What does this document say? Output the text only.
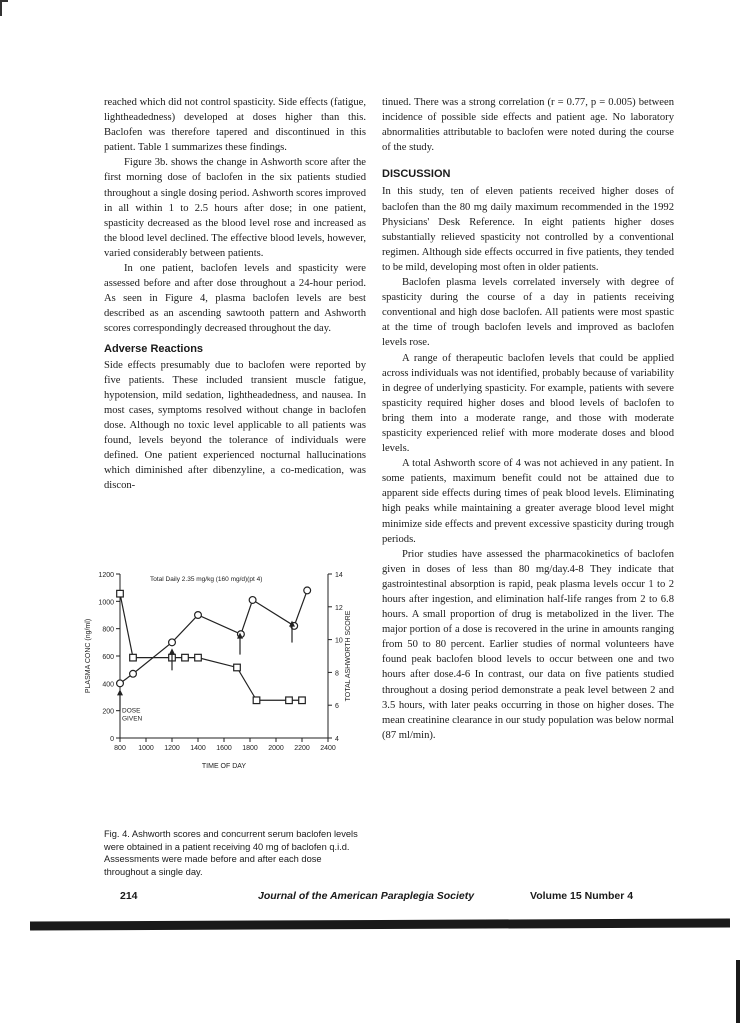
reached which did not control spasticity. Side effects (fatigue, lightheadedness) developed at doses higher than this. Baclofen was therefore tapered and discontinued in this patient. Table 1 summarizes these findings.

Figure 3b. shows the change in Ashworth score after the first morning dose of baclofen in the six patients studied throughout a single dosing period. Ashworth scores improved in all within 1 to 2.5 hours after dose; in one patient, spasticity decreased as the blood level rose and increased as the blood level declined. The effective blood levels, however, varied considerably between patients.

In one patient, baclofen levels and spasticity were assessed before and after dose throughout a 24-hour period. As seen in Figure 4, plasma baclofen levels are best described as an ascending sawtooth pattern and Ashworth scores correspondingly decreased throughout the day.

Adverse Reactions

Side effects presumably due to baclofen were reported by five patients. These included transient muscle fatigue, hypotension, mild sedation, lightheadedness, and nausea. In most cases, symptoms resolved without change in baclofen dose. Although no toxic level applicable to all patients was found, levels beyond the tolerance of individuals were defined. One patient experienced nocturnal hallucinations which diminished after dibenzyline, a co-medication, was discon-

0
200
400
600
800
1000
1200
4
6
8
10
12
14
800 1000 1200 1400 1600 1800 2000 2200 2400
TIME OF DAY
PLASMA CONC (ng/ml)	TOTAL ASHWORTH SCORE
Total Daily 2.35 mg/kg (160 mg/d)(pt 4)
DOSE
GIVEN
Fig. 4. Ashworth scores and concurrent serum baclofen levels were obtained in a patient receiving 40 mg of baclofen q.i.d. Assessments were made before and after each dose throughout a single day.

tinued. There was a strong correlation (r = 0.77, p = 0.005) between incidence of possible side effects and patient age. No laboratory abnormalities attributable to baclofen were noted during the course of the study.

DISCUSSION

In this study, ten of eleven patients received higher doses of baclofen than the 80 mg daily maximum recommended in the 1992 Physicians' Desk Reference. In eight patients higher doses substantially relieved spasticity not controlled by a conventional regimen. Although side effects occurred in five patients, they tended to be mild, developing most often in older patients.

Baclofen plasma levels correlated inversely with degree of spasticity during the course of a day in patients receiving conventional and high dose baclofen. All patients were most spastic at the time of trough baclofen levels and improved as baclofen levels rose.

A range of therapeutic baclofen levels that could be applied across individuals was not identified, probably because of variability in degree of underlying spasticity. For example, patients with severe spasticity required higher doses and blood levels of baclofen to bring them into a moderate range, and those with moderate spasticity experienced relief with more moderate doses and blood levels.

A total Ashworth score of 4 was not achieved in any patient. In some patients, maximum benefit could not be attained due to apparent side effects during times of peak blood levels. Eliminating high peaks while maintaining a greater average blood level might minimize side effects and prevent excessive spasticity during trough periods.

Prior studies have assessed the pharmacokinetics of baclofen given in doses of less than 80 mg/day.4-8 They indicate that gastrointestinal absorption is rapid, peak plasma levels occur 1 to 2 hours after ingestion, and elimination half-life ranges from 2 to 6.8 hours. A small proportion of drug is metabolized in the liver. The major portion of a dose is recovered in the urine in amounts ranging from 50 to 80 percent. Earlier studies of normal volunteers have found peak baclofen blood levels to occur between one and two hours after dose.4-6 In contrast, our data on five patients studied throughout a dosing period demonstrate a peak level between 2 and 3.5 hours, with later peaks occurring in those on higher doses. The mean creatinine clearance in our study population was below normal (87 ml/min).

214	Journal of the American Paraplegia Society	Volume 15 Number 4
